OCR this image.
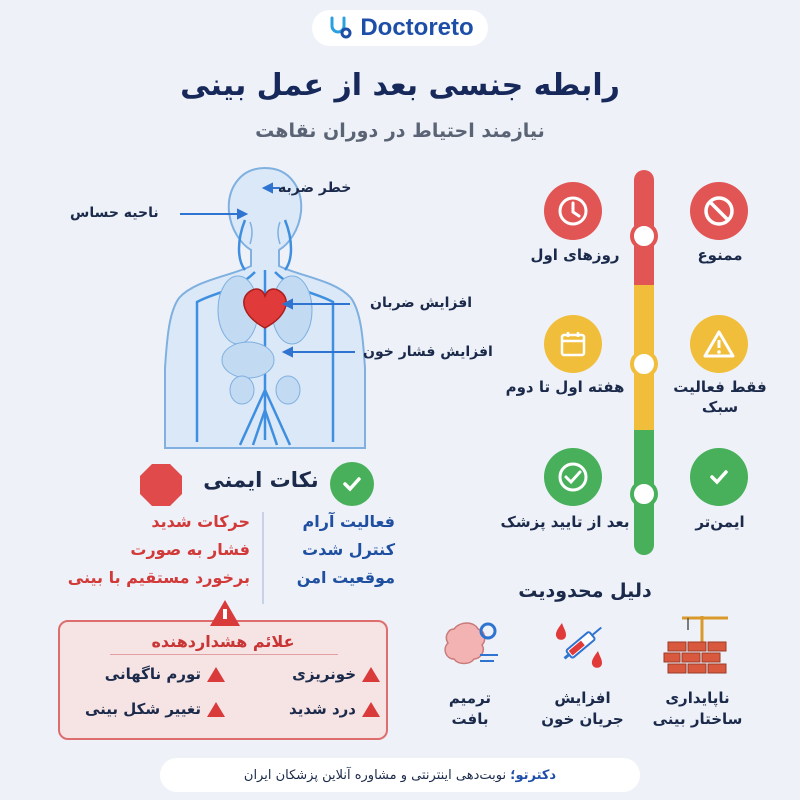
Doctoreto
رابطه جنسی بعد از عمل بینی
نیازمند احتیاط در دوران نقاهت
خطر ضربه
ناحیه حساس
افزایش ضربان
افزایش فشار خون
روزهای اول	ممنوع
هفته اول تا دوم	فقط فعالیت سبک
بعد از تایید پزشک	ایمن‌تر
نکات ایمنی
فعالیت آرام
کنترل شدت
موقعیت امن
حرکات شدید
فشار به صورت
برخورد مستقیم با بینی
علائم هشداردهنده
خونریزی
تورم ناگهانی
درد شدید
تغییر شکل بینی
دلیل محدودیت
ترمیم بافت
افزایش جریان خون
ناپایداری ساختار بینی
دکترتو؛

نوبت‌دهی اینترنتی و مشاوره آنلاین پزشکان ایران
